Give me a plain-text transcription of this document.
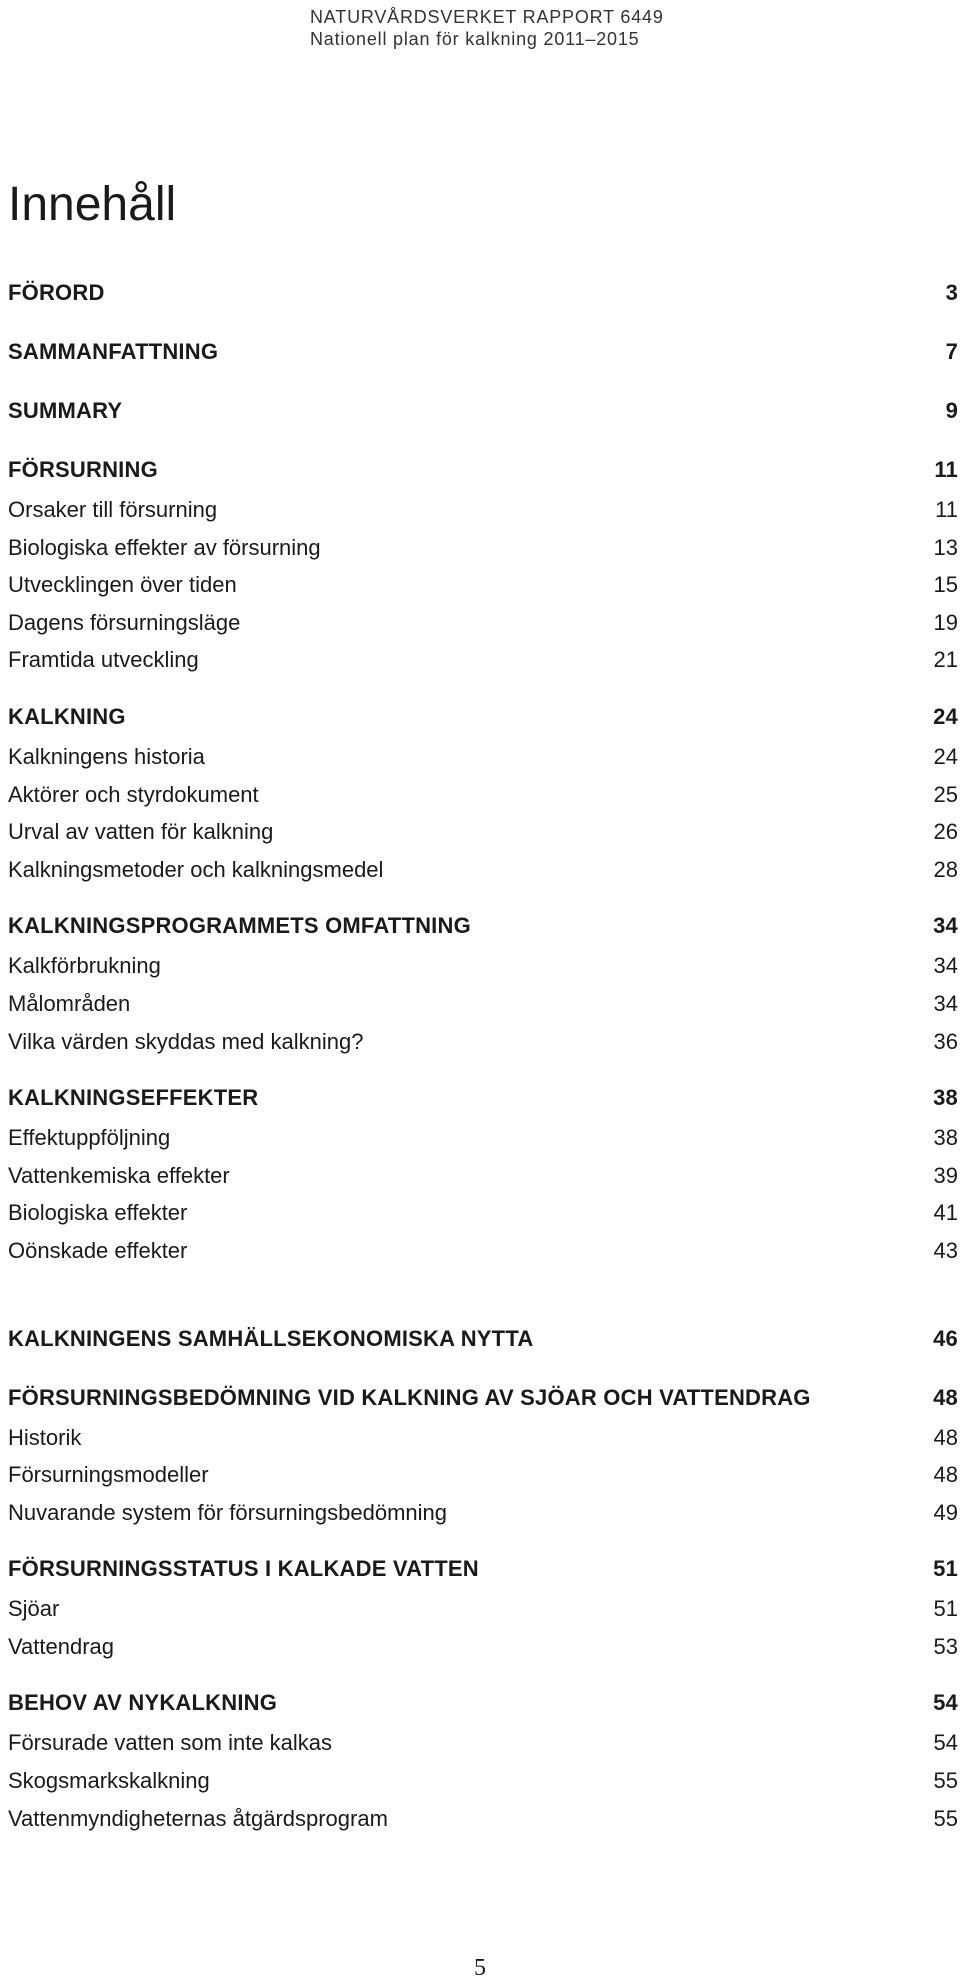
NATURVÅRDSVERKET RAPPORT 6449
Nationell plan för kalkning 2011–2015
Innehåll
FÖRORD	3
SAMMANFATTNING	7
SUMMARY	9
FÖRSURNING	11
Orsaker till försurning	11
Biologiska effekter av försurning	13
Utvecklingen över tiden	15
Dagens försurningsläge	19
Framtida utveckling	21
KALKNING	24
Kalkningens historia	24
Aktörer och styrdokument	25
Urval av vatten för kalkning	26
Kalkningsmetoder och kalkningsmedel	28
KALKNINGSPROGRAMMETS OMFATTNING	34
Kalkförbrukning	34
Målområden	34
Vilka värden skyddas med kalkning?	36
KALKNINGSEFFEKTER	38
Effektuppföljning	38
Vattenkemiska effekter	39
Biologiska effekter	41
Oönskade effekter	43
KALKNINGENS SAMHÄLLSEKONOMISKA NYTTA	46
FÖRSURNINGSBEDÖMNING VID KALKNING AV SJÖAR OCH VATTENDRAG	48
Historik	48
Försurningsmodeller	48
Nuvarande system för försurningsbedömning	49
FÖRSURNINGSSTATUS I KALKADE VATTEN	51
Sjöar	51
Vattendrag	53
BEHOV AV NYKALKNING	54
Försurade vatten som inte kalkas	54
Skogsmarkskalkning	55
Vattenmyndigheternas åtgärdsprogram	55
5
